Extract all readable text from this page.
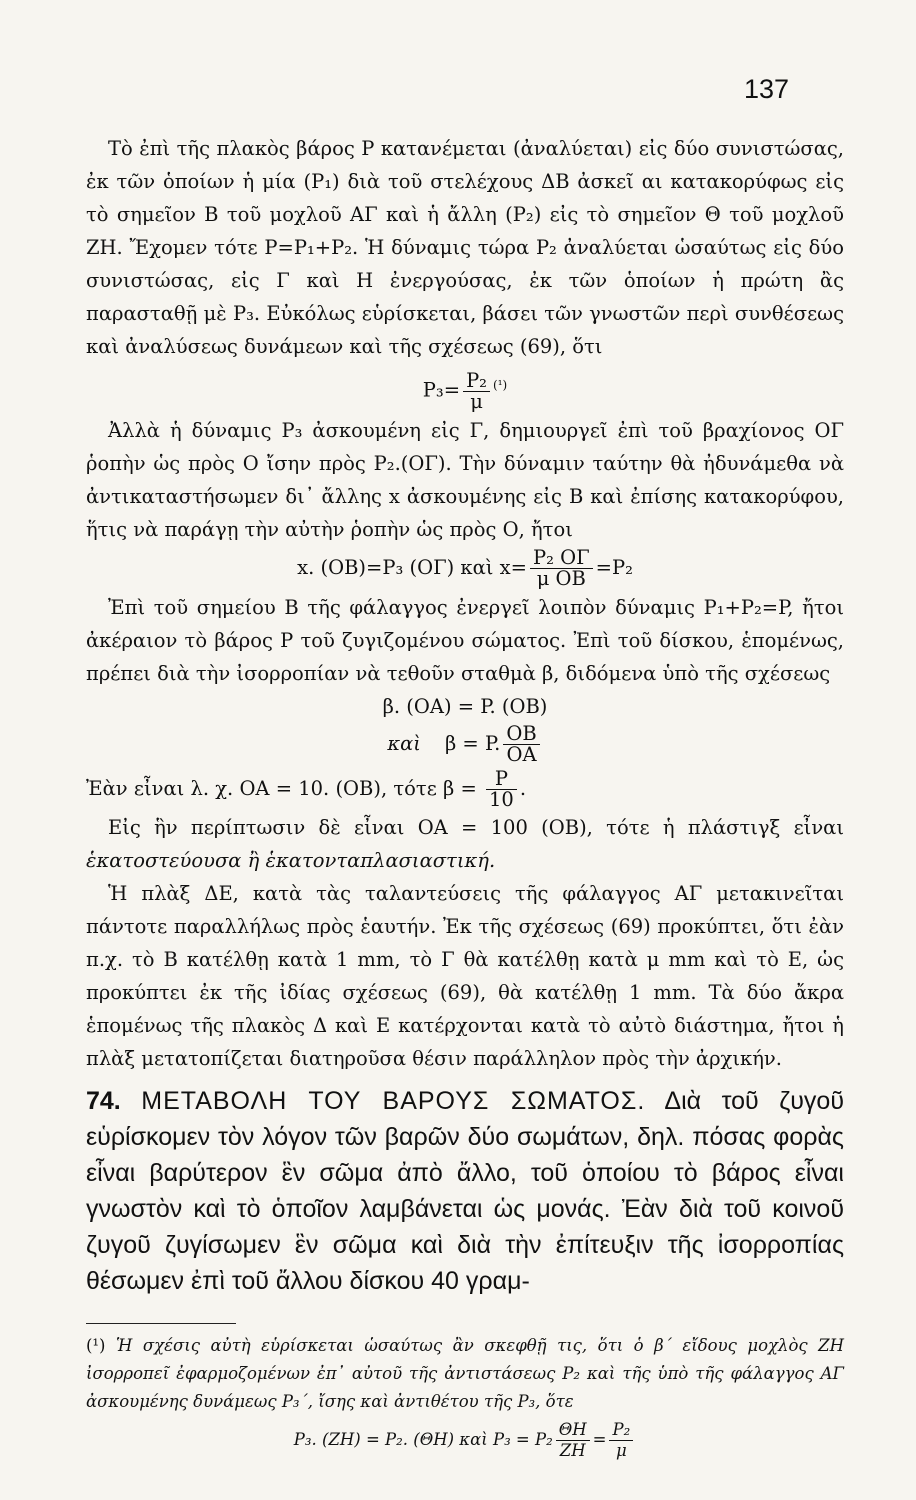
137

Τὸ ἐπὶ τῆς πλακὸς βάρος P κατανέμεται (ἀναλύεται) εἰς δύο συνιστώσας, ἐκ τῶν ὁποίων ἡ μία (P₁) διὰ τοῦ στελέχους ΔΒ ἀσκεῖ αι κατακορύφως εἰς τὸ σημεῖον Β τοῦ μοχλοῦ ΑΓ καὶ ἡ ἄλλη (P₂) εἰς τὸ σημεῖον Θ τοῦ μοχλοῦ ΖΗ. Ἔχομεν τότε P=P₁+P₂. Ἡ δύναμις τώρα P₂ ἀναλύεται ὡσαύτως εἰς δύο συνιστώσας, εἰς Γ καὶ Η ἐνεργούσας, ἐκ τῶν ὁποίων ἡ πρώτη ἂς παρασταθῇ μὲ P₃. Εὐκόλως εὑρίσκεται, βάσει τῶν γνωστῶν περὶ συνθέσεως καὶ ἀναλύσεως δυνάμεων καὶ τῆς σχέσεως (69), ὅτι

$P_3= \frac{\text{P₂}}{\mu} ^{(^1)}$

Ἀλλὰ ἡ δύναμις P₃ ἀσκουμένη εἰς Γ, δημιουργεῖ ἐπὶ τοῦ βραχίονος ΟΓ ῥοπὴν ὡς πρὸς Ο ἴσην πρὸς P₂.(ΟΓ). Τὴν δύναμιν ταύτην θὰ ἠδυνάμεθα νὰ ἀντικαταστήσωμεν δι᾽ ἄλλης x ἀσκουμένης εἰς Β καὶ ἐπίσης κατακορύφου, ἥτις νὰ παράγῃ τὴν αὐτὴν ῥοπὴν ὡς πρὸς Ο, ἤτοι

x. (ΟΒ)=P₃ (ΟΓ) καὶ $x= \frac{\text{P₂ ΟΓ}}{\text{μ ΟΒ}} =P_2$

Ἐπὶ τοῦ σημείου Β τῆς φάλαγγος ἐνεργεῖ λοιπὸν δύναμις P₁+P₂=P, ἤτοι ἀκέραιον τὸ βάρος P τοῦ ζυγιζομένου σώματος. Ἐπὶ τοῦ δίσκου, ἑπομένως, πρέπει διὰ τὴν ἰσορροπίαν νὰ τεθοῦν σταθμὰ β, διδόμενα ὑπὸ τῆς σχέσεως

β. (ΟΑ) = P. (ΟΒ)
καὶ β = P. $\frac{OB}{OA}$

Ἐὰν εἶναι λ. χ. ΟΑ = 10. (ΟΒ), τότε $\beta = \frac{P}{10}$ .

Εἰς ἣν περίπτωσιν δὲ εἶναι ΟΑ = 100 (ΟΒ), τότε ἡ πλάστιγξ εἶναι ἑκατοστεύουσα ἢ ἑκατονταπλασιαστική.

Ἡ πλὰξ ΔΕ, κατὰ τὰς ταλαντεύσεις τῆς φάλαγγος ΑΓ μετακινεῖται πάντοτε παραλλήλως πρὸς ἑαυτήν. Ἐκ τῆς σχέσεως (69) προκύπτει, ὅτι ἐὰν π.χ. τὸ Β κατέλθῃ κατὰ 1 mm, τὸ Γ θὰ κατέλθῃ κατὰ μ mm καὶ τὸ Ε, ὡς προκύπτει ἐκ τῆς ἰδίας σχέσεως (69), θὰ κατέλθῃ 1 mm. Τὰ δύο ἄκρα ἑπομένως τῆς πλακὸς Δ καὶ Ε κατέρχονται κατὰ τὸ αὐτὸ διάστημα, ἤτοι ἡ πλὰξ μετατοπίζεται διατηροῦσα θέσιν παράλληλον πρὸς τὴν ἀρχικήν.

74. ΜΕΤΑΒΟΛΗ ΤΟΥ ΒΑΡΟΥΣ ΣΩΜΑΤΟΣ. Διὰ τοῦ ζυγοῦ εὑρίσκομεν τὸν λόγον τῶν βαρῶν δύο σωμάτων, δηλ. πόσας φορὰς εἶναι βαρύτερον ἓν σῶμα ἀπὸ ἄλλο, τοῦ ὁποίου τὸ βάρος εἶναι γνωστὸν καὶ τὸ ὁποῖον λαμβάνεται ὡς μονάς. Ἐὰν διὰ τοῦ κοινοῦ ζυγοῦ ζυγίσωμεν ἓν σῶμα καὶ διὰ τὴν ἐπίτευξιν τῆς ἰσορροπίας θέσωμεν ἐπὶ τοῦ ἄλλου δίσκου 40 γραμ-

(¹) Ἡ σχέσις αὐτὴ εὑρίσκεται ὡσαύτως ἂν σκεφθῇ τις, ὅτι ὁ β΄ εἴδους μοχλὸς ΖΗ ἰσορροπεῖ ἐφαρμοζομένων ἐπ᾽ αὐτοῦ τῆς ἀντιστάσεως P₂ καὶ τῆς ὑπὸ τῆς φάλαγγος ΑΓ ἀσκουμένης δυνάμεως P₃΄, ἴσης καὶ ἀντιθέτου τῆς P₃, ὅτε

P₃. (ΖΗ) = P₂. (ΘΗ) καὶ $P_3 = P_2 \frac{\Theta H}{ZH} = \frac{\text{P₂}}{\mu}$
